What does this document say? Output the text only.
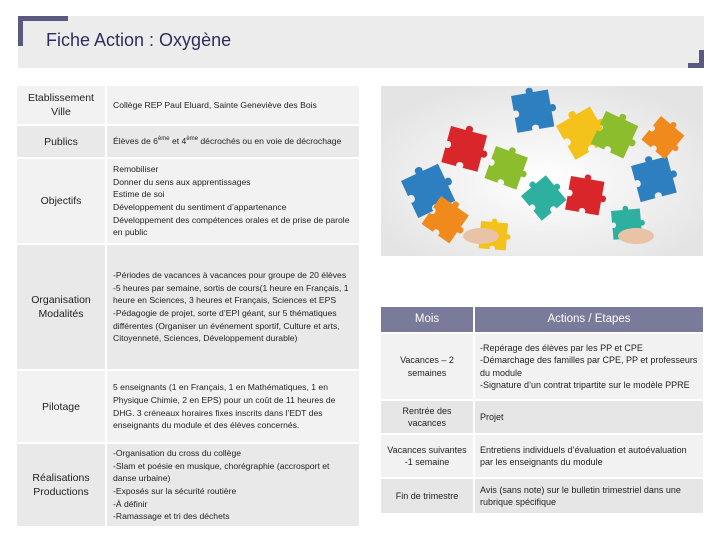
Fiche Action : Oxygène
Etablissement Ville
Collège REP Paul Eluard, Sainte Geneviève des Bois
Publics	Élèves de 6ème et 4ème décrochés ou en voie de décrochage
Objectifs
Remobiliser
Donner du sens aux apprentissages
Estime de soi
Développement du sentiment d’appartenance
Développement des compétences orales et de prise de parole en public
Organisation Modalités
-Périodes de vacances à vacances pour groupe de 20 élèves
-5 heures par semaine, sortis de cours(1 heure en Français, 1 heure en Sciences, 3 heures et Français, Sciences et EPS
-Pédagogie de projet, sorte d’EPI géant, sur 5 thématiques différentes (Organiser un événement sportif, Culture et arts, Citoyenneté, Sciences, Développement durable)
Pilotage
5 enseignants (1 en Français, 1 en Mathématiques, 1 en Physique Chimie, 2 en EPS) pour un coût de 11 heures de DHG. 3 créneaux horaires fixes inscrits dans l’EDT des enseignants du module et des élèves concernés.
Réalisations Productions
-Organisation du cross du collège
-Slam et poésie en musique, chorégraphie (accrosport et danse urbaine)
-Exposés sur la sécurité routière
-À définir
-Ramassage et tri des déchets
Mois	Actions / Etapes
Vacances – 2 semaines
-Repérage des élèves par les PP et CPE
-Démarchage des familles par CPE, PP et professeurs du module
-Signature d’un contrat tripartite sur le modèle PPRE
Rentrée des vacances
Projet
Vacances suivantes -1 semaine
Entretiens individuels d’évaluation et autoévaluation par les enseignants du module
Fin de trimestre
Avis (sans note) sur le bulletin trimestriel dans une rubrique spécifique
